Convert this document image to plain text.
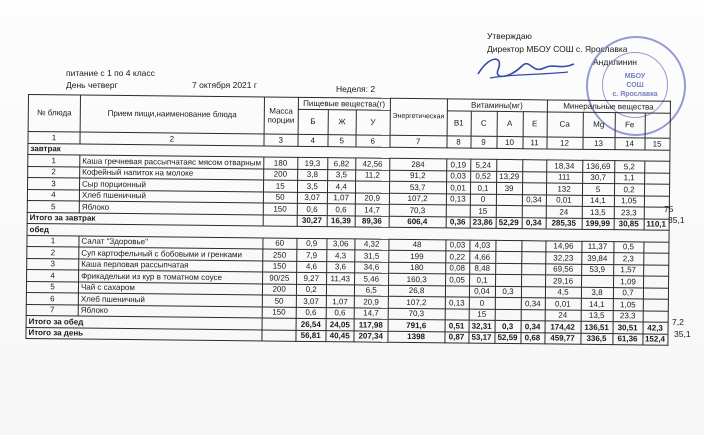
Утверждаю
Директор МБОУ СОШ с. Ярославка
Андилинин
МБОУ
СОШ
с. Ярославка
питание с 1 по 4 класс
День четверг	7 октября 2021 г	Неделя: 2
№ блюда	Прием пищи,наименование блюда	Масса порции	Пищевые вещества(г)			Энергетическая	Витамины(мг)				Минеральные вещества			
			Б	Ж	У		В1	С	А	Е	Са	Mg	Fe	

1	2	3	4	5	6	7	8	9	10	11	12	13	14	15
завтрак														
1	Каша гречневая рассыпчатаяс мясом отварным	180	19,3	6,82	42,56	284	0,19	5,24			18,34	136,69	5,2	
2	Кофейный напиток на молоке	200	3,8	3,5	11,2	91,2	0,03	0,52	13,29		111	30,7	1,1	
3	Сыр порционный	15	3,5	4,4		53,7	0,01	0,1	39		132	5	0,2	
4	Хлеб пшеничный	50	3,07	1,07	20,9	107,2	0,13	0		0,34	0,01	14,1	1,05	
5	Яблоко	150	0,6	0,6	14,7	70,3		15			24	13,5	23,3	
Итого за завтрак			30,27	16,39	89,36	606,4	0,36	23,86	52,29	0,34	285,35	199,99	30,85	110,1
обед														
1	Салат "Здоровье"	60	0,9	3,06	4,32	48	0,03	4,03			14,96	11,37	0,5	
2	Суп картофельный с бобовыми и гренками	250	7,9	4,3	31,5	199	0,22	4,66			32,23	39,84	2,3	
3	Каша перловая рассыпчатая	150	4,6	3,6	34,6	180	0,08	8,48			69,56	53,9	1,57	
4	Фрикадельки из кур в томатном соусе	90/25	9,27	11,43	5,46	160,3	0,05	0,1			29,16		1,09	
5	Чай с сахаром	200	0,2		6,5	26,8		0,04	0,3		4,5	3,8	0,7	
6	Хлеб пшеничный	50	3,07	1,07	20,9	107,2	0,13	0		0,34	0,01	14,1	1,05	
7	Яблоко	150	0,6	0,6	14,7	70,3		15			24	13,5	23,3	
Итого за обед			26,54	24,05	117,98	791,6	0,51	32,31	0,3	0,34	174,42	136,51	30,51	42,3
Итого за день			56,81	40,45	207,34	1398	0,87	53,17	52,59	0,68	459,77	336,5	61,36	152,4
75
35,1
7,2
35,1
